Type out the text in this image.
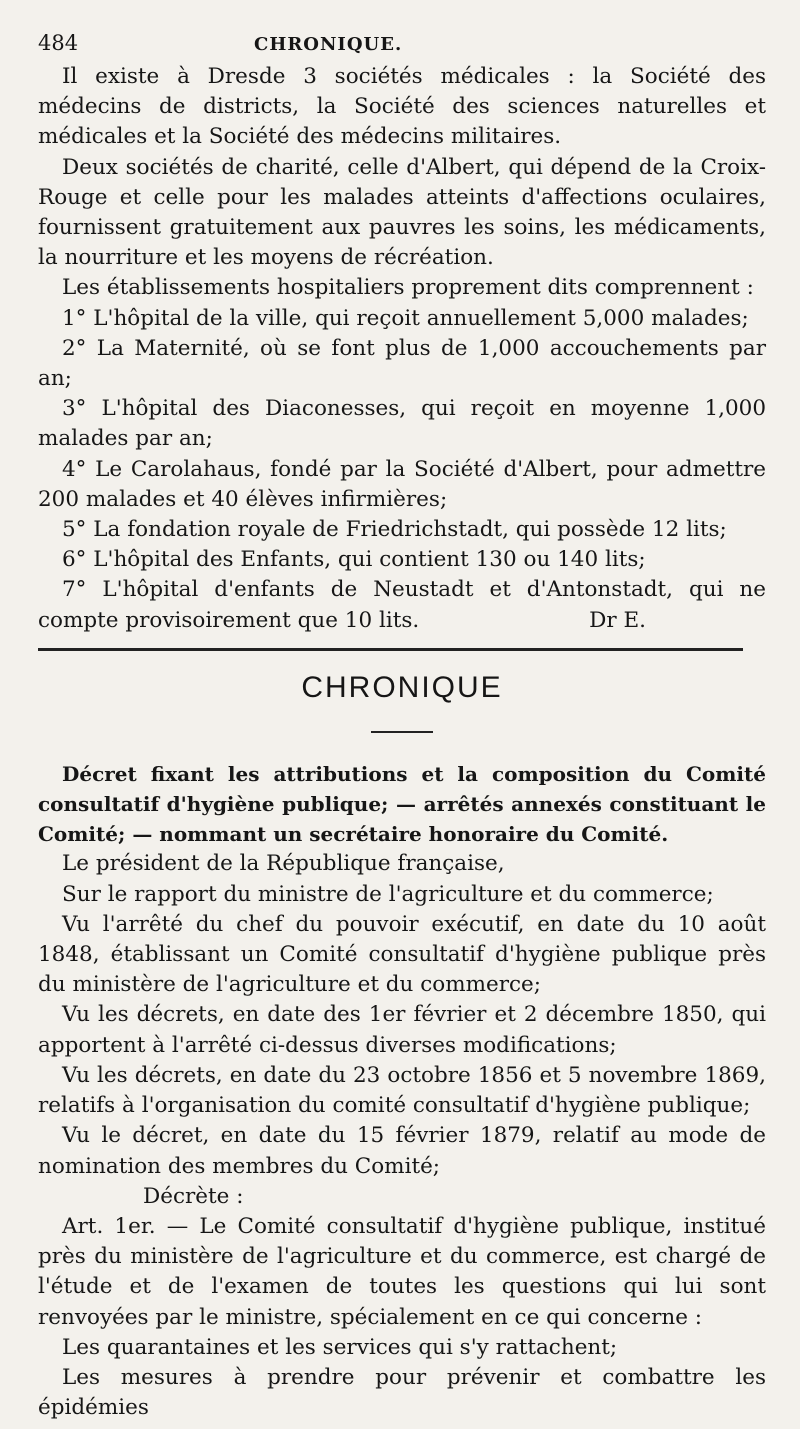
484	CHRONIQUE.

Il existe à Dresde 3 sociétés médicales : la Société des médecins de districts, la Société des sciences naturelles et médicales et la Société des médecins militaires.

Deux sociétés de charité, celle d'Albert, qui dépend de la Croix-Rouge et celle pour les malades atteints d'affections oculaires, fournissent gratuitement aux pauvres les soins, les médicaments, la nourriture et les moyens de récréation.

Les établissements hospitaliers proprement dits comprennent :

1° L'hôpital de la ville, qui reçoit annuellement 5,000 malades;

2° La Maternité, où se font plus de 1,000 accouchements par an;

3° L'hôpital des Diaconesses, qui reçoit en moyenne 1,000 malades par an;

4° Le Carolahaus, fondé par la Société d'Albert, pour admettre 200 malades et 40 élèves infirmières;

5° La fondation royale de Friedrichstadt, qui possède 12 lits;

6° L'hôpital des Enfants, qui contient 130 ou 140 lits;

7° L'hôpital d'enfants de Neustadt et d'Antonstadt, qui ne compte provisoirement que 10 lits.	Dr E.

CHRONIQUE

Décret fixant les attributions et la composition du Comité consultatif d'hygiène publique; — arrêtés annexés constituant le Comité; — nommant un secrétaire honoraire du Comité.

Le président de la République française,

Sur le rapport du ministre de l'agriculture et du commerce;

Vu l'arrêté du chef du pouvoir exécutif, en date du 10 août 1848, établissant un Comité consultatif d'hygiène publique près du ministère de l'agriculture et du commerce;

Vu les décrets, en date des 1er février et 2 décembre 1850, qui apportent à l'arrêté ci-dessus diverses modifications;

Vu les décrets, en date du 23 octobre 1856 et 5 novembre 1869, relatifs à l'organisation du comité consultatif d'hygiène publique;

Vu le décret, en date du 15 février 1879, relatif au mode de nomination des membres du Comité;

Décrète :

Art. 1er. — Le Comité consultatif d'hygiène publique, institué près du ministère de l'agriculture et du commerce, est chargé de l'étude et de l'examen de toutes les questions qui lui sont renvoyées par le ministre, spécialement en ce qui concerne :

Les quarantaines et les services qui s'y rattachent;

Les mesures à prendre pour prévenir et combattre les épidémies
